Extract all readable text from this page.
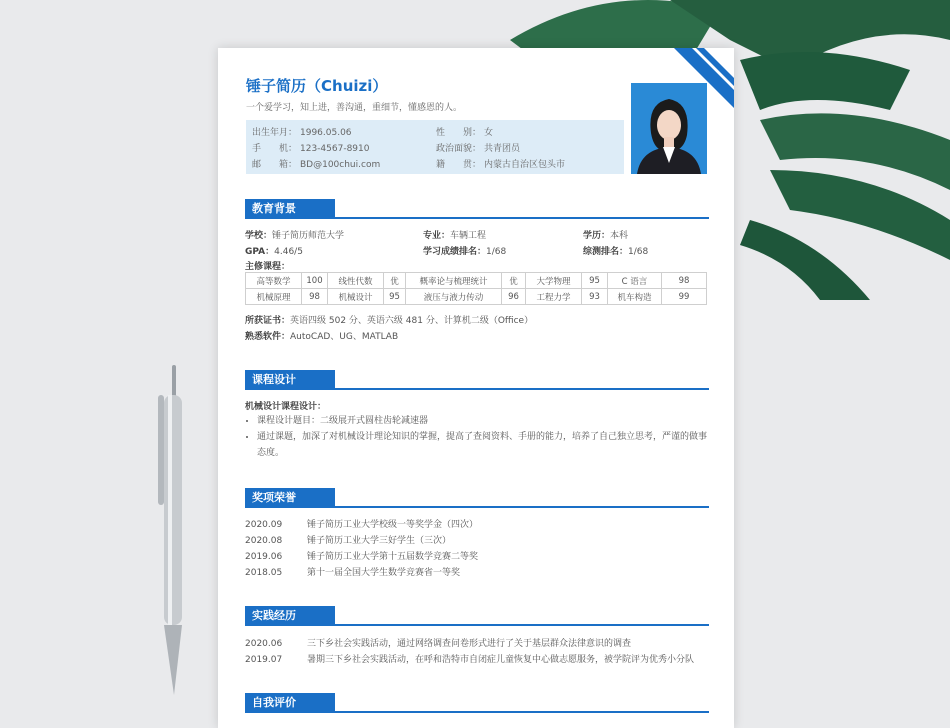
锤子简历（Chuizi）
一个爱学习，知上进，善沟通，重细节，懂感恩的人。
出生年月： 1996.05.06	性　　别： 女
手　　机： 123-4567-8910	政治面貌： 共青团员
邮　　箱： BD@100chui.com	籍　　贯： 内蒙古自治区包头市
教育背景
学校：锤子简历师范大学	专业：车辆工程	学历：本科
GPA：4.46/5	学习成绩排名：1/68	综测排名：1/68
主修课程：
高等数学	100	线性代数	优	概率论与梳理统计	优	大学物理	95	C 语言	98
机械原理	98	机械设计	95	液压与液力传动	96	工程力学	93	机车构造	99
所获证书：英语四级 502 分、英语六级 481 分、计算机二级（Office）
熟悉软件：AutoCAD、UG、MATLAB
课程设计
机械设计课程设计：
• 课程设计题目：二级展开式圆柱齿轮减速器
• 通过课题，加深了对机械设计理论知识的掌握，提高了查阅资料、手册的能力，培养了自己独立思考，严谨的做事态度。
奖项荣誉
2020.09	锤子简历工业大学校级一等奖学金（四次）
2020.08	锤子简历工业大学三好学生（三次）
2019.06	锤子简历工业大学第十五届数学竞赛二等奖
2018.05	第十一届全国大学生数学竞赛省一等奖
实践经历
2020.06	三下乡社会实践活动，通过网络调查问卷形式进行了关于基层群众法律意识的调查
2019.07	暑期三下乡社会实践活动，在呼和浩特市自闭症儿童恢复中心做志愿服务，被学院评为优秀小分队
自我评价
